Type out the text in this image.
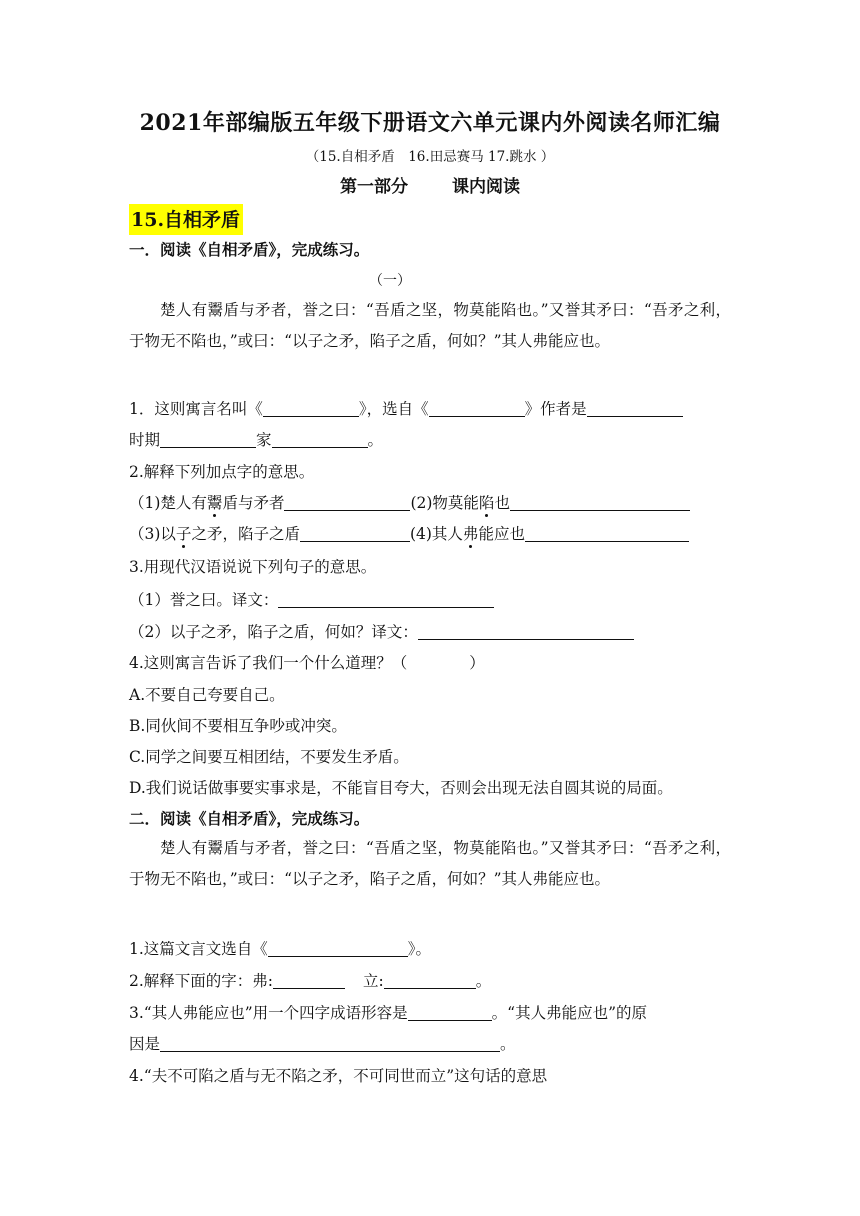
2021年部编版五年级下册语文六单元课内外阅读名师汇编
（15.自相矛盾　16.田忌赛马 17.跳水 ）
第一部分	课内阅读
15.自相矛盾
一．阅读《自相矛盾》，完成练习。
（一）
楚人有鬻盾与矛者，誉之曰：“吾盾之坚，物莫能陷也。”又誉其矛曰：“吾矛之利，于物无不陷也，”或曰：“以子之矛，陷子之盾，何如？”其人弗能应也。
1．这则寓言名叫《	》，选自《	》作者是
时期	家	。
2.解释下列加点字的意思。
（1)楚人有鬻盾与矛者	(2)物莫能陷也
（3)以子之矛，陷子之盾	(4)其人弗能应也
3.用现代汉语说说下列句子的意思。
（1）誉之曰。译文：
（2）以子之矛，陷子之盾，何如？译文：
4.这则寓言告诉了我们一个什么道理？（　　　　）
A.不要自己夸要自己。
B.同伙间不要相互争吵或冲突。
C.同学之间要互相团结，不要发生矛盾。
D.我们说话做事要实事求是，不能盲目夸大，否则会出现无法自圆其说的局面。
二．阅读《自相矛盾》，完成练习。
楚人有鬻盾与矛者，誉之曰：“吾盾之坚，物莫能陷也。”又誉其矛曰：“吾矛之利，于物无不陷也，”或曰：“以子之矛，陷子之盾，何如？”其人弗能应也。
1.这篇文言文选自《	》。
2.解释下面的字：弗:	立:	。
3.“其人弗能应也”用一个四字成语形容是	。“其人弗能应也”的原
因是	。
4.“夫不可陷之盾与无不陷之矛，不可同世而立”这句话的意思
